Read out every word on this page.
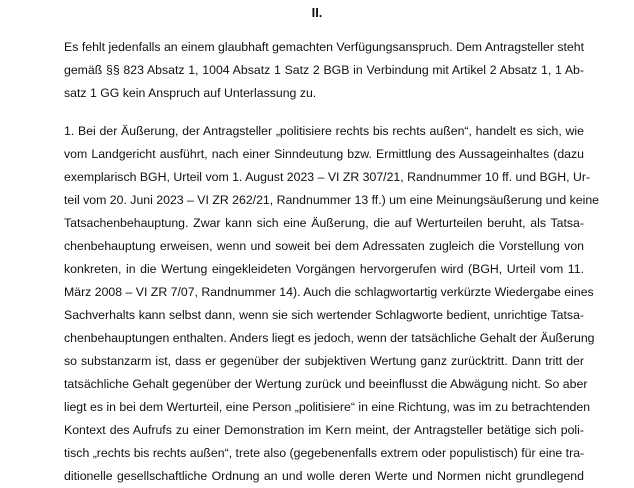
II.
Es fehlt jedenfalls an einem glaubhaft gemachten Verfügungsanspruch. Dem Antragsteller steht
gemäß §§ 823 Absatz 1, 1004 Absatz 1 Satz 2 BGB in Verbindung mit Artikel 2 Absatz 1, 1 Ab-
satz 1 GG kein Anspruch auf Unterlassung zu.
1. Bei der Äußerung, der Antragsteller „politisiere rechts bis rechts außen“, handelt es sich, wie
vom Landgericht ausführt, nach einer Sinndeutung bzw. Ermittlung des Aussageinhaltes (dazu
exemplarisch BGH, Urteil vom 1. August 2023 – VI ZR 307/21, Randnummer 10 ff. und BGH, Ur-
teil vom 20. Juni 2023 – VI ZR 262/21, Randnummer 13 ff.) um eine Meinungsäußerung und keine
Tatsachenbehauptung. Zwar kann sich eine Äußerung, die auf Werturteilen beruht, als Tatsa-
chenbehauptung erweisen, wenn und soweit bei dem Adressaten zugleich die Vorstellung von
konkreten, in die Wertung eingekleideten Vorgängen hervorgerufen wird (BGH, Urteil vom 11.
März 2008 – VI ZR 7/07, Randnummer 14). Auch die schlagwortartig verkürzte Wiedergabe eines
Sachverhalts kann selbst dann, wenn sie sich wertender Schlagworte bedient, unrichtige Tatsa-
chenbehauptungen enthalten. Anders liegt es jedoch, wenn der tatsächliche Gehalt der Äußerung
so substanzarm ist, dass er gegenüber der subjektiven Wertung ganz zurücktritt. Dann tritt der
tatsächliche Gehalt gegenüber der Wertung zurück und beeinflusst die Abwägung nicht. So aber
liegt es in bei dem Werturteil, eine Person „politisiere“ in eine Richtung, was im zu betrachtenden
Kontext des Aufrufs zu einer Demonstration im Kern meint, der Antragsteller betätige sich poli-
tisch „rechts bis rechts außen“, trete also (gegebenenfalls extrem oder populistisch) für eine tra-
ditionelle gesellschaftliche Ordnung an und wolle deren Werte und Normen nicht grundlegend
